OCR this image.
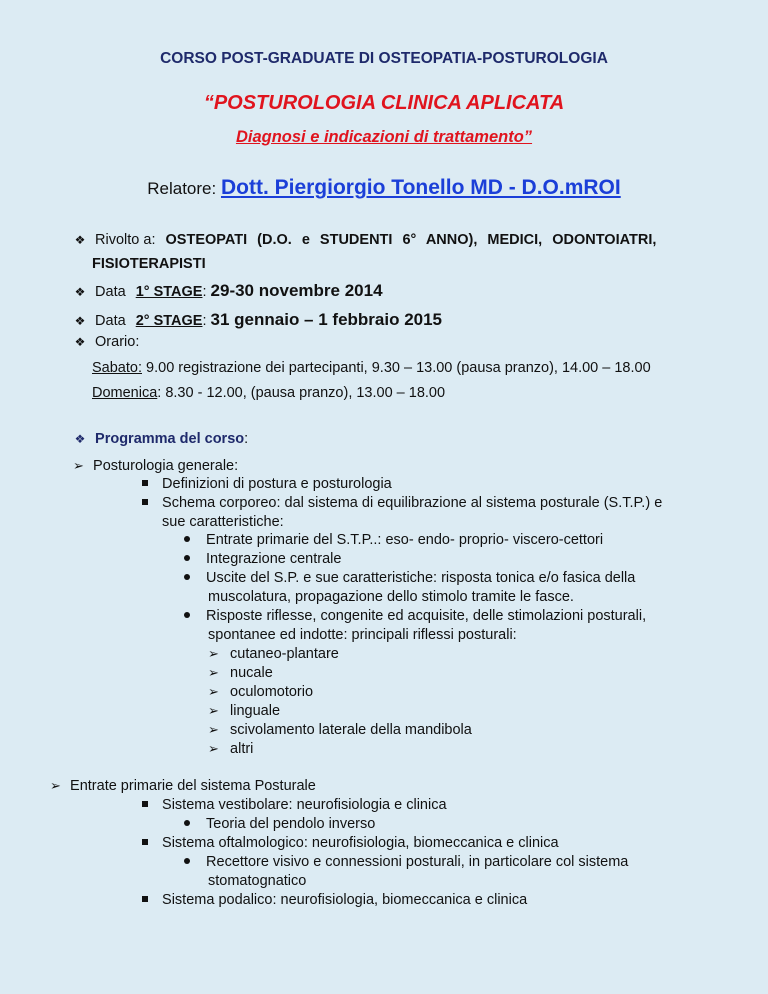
CORSO POST-GRADUATE DI OSTEOPATIA-POSTUROLOGIA
“POSTUROLOGIA CLINICA APLICATA
Diagnosi e indicazioni di trattamento”
Relatore: Dott. Piergiorgio Tonello MD - D.O.mROI
❖ Rivolto a: OSTEOPATI (D.O. e STUDENTI 6° ANNO), MEDICI, ODONTOIATRI,
FISIOTERAPISTI
❖ Data 1° STAGE: 29-30 novembre 2014
❖ Data 2° STAGE: 31 gennaio – 1 febbraio 2015
❖ Orario:
Sabato: 9.00 registrazione dei partecipanti, 9.30 – 13.00 (pausa pranzo), 14.00 – 18.00
Domenica: 8.30 - 12.00, (pausa pranzo), 13.00 – 18.00
❖ Programma del corso:
➢ Posturologia generale:
Definizioni di postura e posturologia
Schema corporeo: dal sistema di equilibrazione al sistema posturale (S.T.P.) e
sue caratteristiche:
Entrate primarie del S.T.P..: eso- endo- proprio- viscero-cettori
Integrazione centrale
Uscite del S.P. e sue caratteristiche: risposta tonica e/o fasica della
muscolatura, propagazione dello stimolo tramite le fasce.
Risposte riflesse, congenite ed acquisite, delle stimolazioni posturali,
spontanee ed indotte: principali riflessi posturali:
➢ cutaneo-plantare
➢ nucale
➢ oculomotorio
➢ linguale
➢ scivolamento laterale della mandibola
➢ altri
➢ Entrate primarie del sistema Posturale
Sistema vestibolare: neurofisiologia e clinica
Teoria del pendolo inverso
Sistema oftalmologico: neurofisiologia, biomeccanica e clinica
Recettore visivo e connessioni posturali, in particolare col sistema
stomatognatico
Sistema podalico: neurofisiologia, biomeccanica e clinica
